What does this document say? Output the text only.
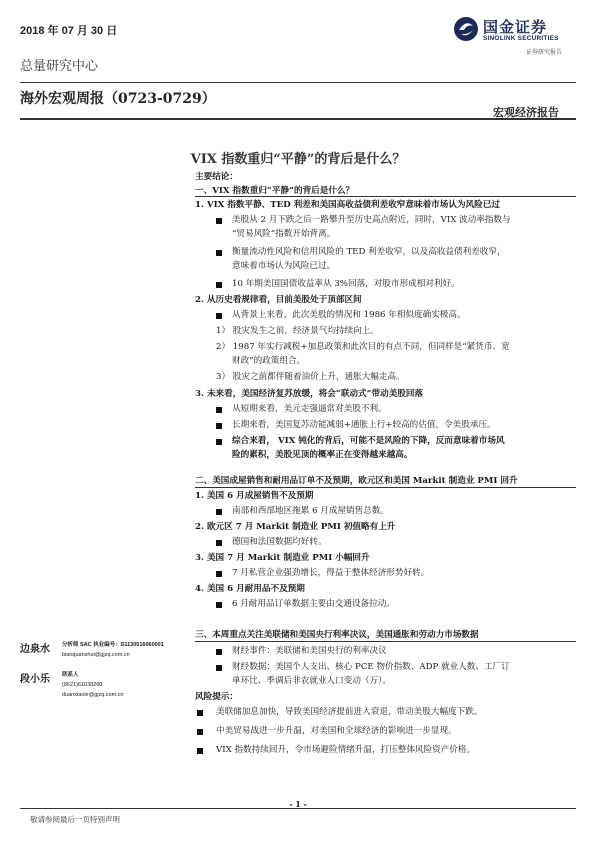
2018 年 07 月 30 日	国金证券
SINOLINK SECURITIES
证券研究报告
总量研究中心
海外宏观周报（0723-0729）
宏观经济报告
VIX 指数重归“平静”的背后是什么？
主要结论：
一、VIX 指数重归“平静”的背后是什么？
1. VIX 指数平静、TED 利差和美国高收益债利差收窄意味着市场认为风险已过
美股从 2 月下跌之后一路攀升至历史高点附近，同时，VIX 波动率指数与
“贸易风险”指数开始背离。
衡量流动性风险和信用风险的 TED 利差收窄，以及高收益债利差收窄，
意味着市场认为风险已过。
10 年期美国国债收益率从 3%回落，对股市形成相对利好。
2. 从历史看规律看，目前美股处于顶部区间
从背景上来看，此次美股的情况和 1986 年相似度确实极高。
1） 股灾发生之前，经济景气均持续向上。
2） 1987 年实行减税+加息政策和此次目的有点不同，但同样是“紧货币、宽
财政”的政策组合。
3） 股灾之前都伴随着油价上升，通胀大幅走高。
3. 未来看，美国经济复苏放缓，将会“联动式”带动美股回落
从短期来看，美元走强逼常对美股不利。
长期来看，美国复苏动能减弱+通胀上行+较高的估值，令美股承压。
综合来看， VIX 钝化的背后，可能不是风险的下降，反而意味着市场风
险的累积，美股见顶的概率正在变得越来越高。
二、美国成屋销售和耐用品订单不及预期，欧元区和美国 Markit 制造业 PMI 回升
1. 美国 6 月成屋销售不及预期
南部和西部地区拖累 6 月成屋销售总数。
2. 欧元区 7 月 Markit 制造业 PMI 初值略有上升
德国和法国数据均好转。
3. 美国 7 月 Markit 制造业 PMI 小幅回升
7 月私营企业强劲增长，得益于整体经济形势好转。
4. 美国 6 月耐用品不及预期
6 月耐用品订单数据主要由交通设备拉动。
三、本周重点关注美联储和美国央行利率决议，美国通胀和劳动力市场数据
财经事件：美联储和美国央行的利率决议
财经数据：美国个人支出、核心 PCE 物价指数、ADP 就业人数、工厂订
单环比、季调后非农就业人口变动（万）。
风险提示：
美联储加息加快，导致美国经济提前进入衰退，带动美股大幅度下跌。
中美贸易战进一步升温，对美国和全球经济的影响进一步显现。
VIX 指数持续回升，令市场避险情绪升温，打压整体风险资产价格。
边泉水 分析师 SAC 执业编号：S1130516060001
bianquanshui@gjzq.com.cn
段小乐 联系人
(8621)61038260
duanxiaole@gjzq.com.cn
- 1 -
敬请参阅最后一页特别声明
